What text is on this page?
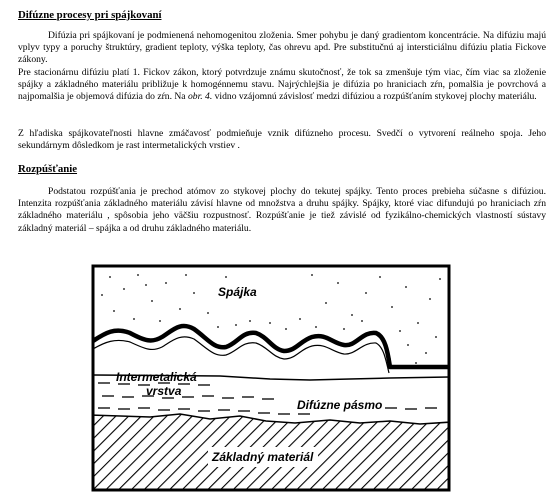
Difúzne procesy pri spájkovaní

Difúzia pri spájkovaní je podmienená nehomogenitou zloženia. Smer pohybu je daný gradientom koncentrácie. Na difúziu majú vplyv typy a poruchy štruktúry, gradient teploty, výška teploty, čas ohrevu apd. Pre substitučnú aj intersticiálnu difúziu platia Fickove zákony.

Pre stacionárnu difúziu platí 1. Fickov zákon, ktorý potvrdzuje známu skutočnosť, že tok sa zmenšuje tým viac, čím viac sa zloženie spájky a základného materiálu približuje k homogénnemu stavu. Najrýchlejšia je difúzia po hraniciach zŕn, pomalšia je povrchová a najpomalšia je objemová difúzia do zŕn. Na obr. 4. vidno vzájomnú závislosť medzi difúziou a rozpúšťaním stykovej plochy materiálu.

Z hľadiska spájkovateľnosti hlavne zmáčavosť podmieňuje vznik difúzneho procesu. Svedčí o vytvorení reálneho spoja. Jeho sekundárnym dôsledkom je rast intermetalických vrstiev .

Rozpúšťanie

Podstatou rozpúšťania je prechod atómov zo stykovej plochy do tekutej spájky. Tento proces prebieha súčasne s difúziou. Intenzita rozpúšťania základného materiálu závisí hlavne od množstva a druhu spájky. Spájky, ktoré viac difundujú po hraniciach zŕn základného materiálu , spôsobia jeho väčšiu rozpustnosť. Rozpúšťanie je tiež závislé od fyzikálno-chemických vlastností sústavy základný materiál – spájka a od druhu základného materiálu.

Spájka
Intermetalická
vrstva
Difúzne pásmo
Základný materiál
